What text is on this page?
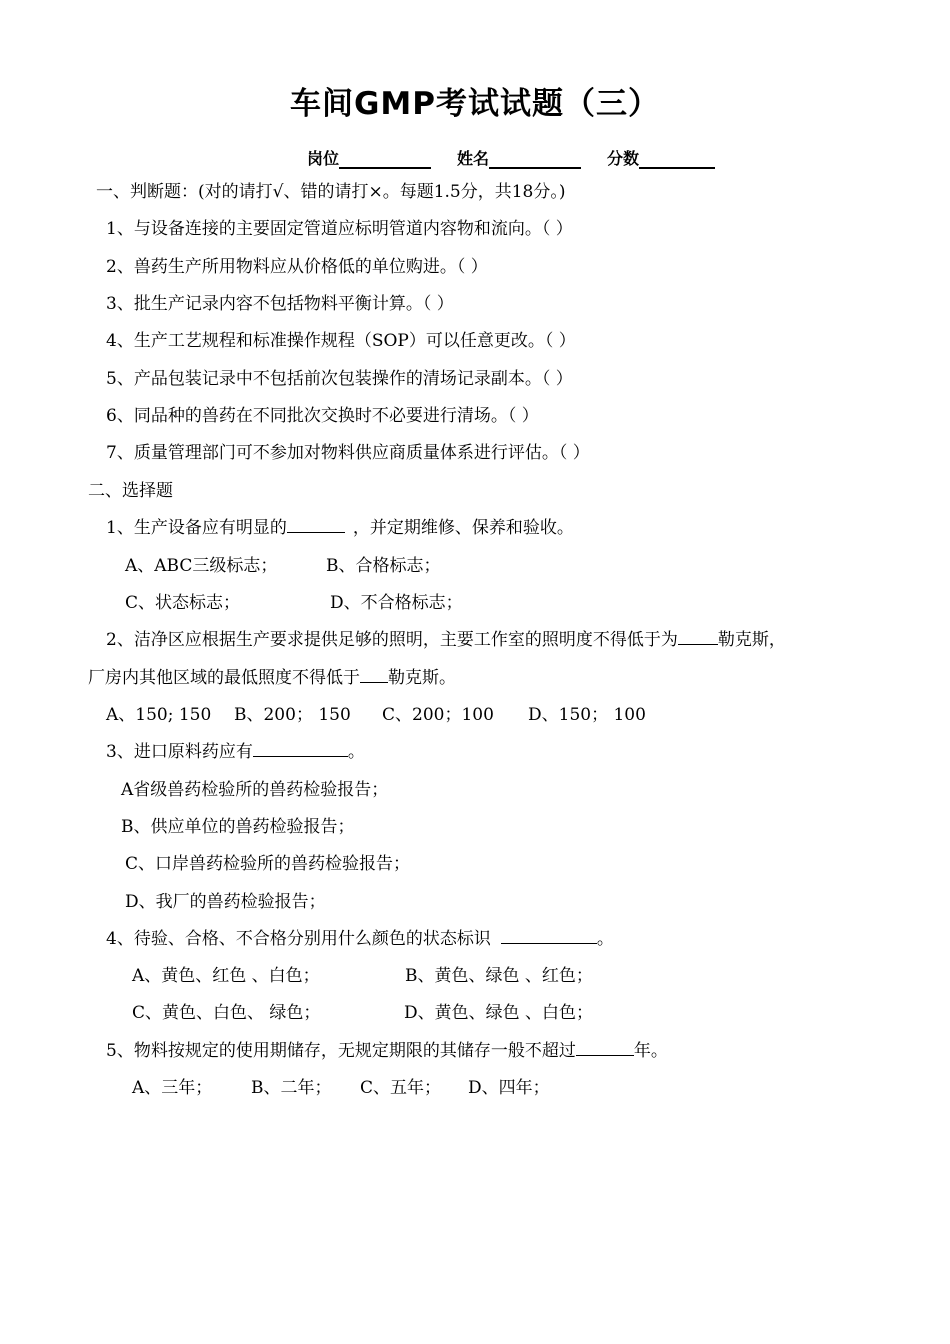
车间GMP考试试题（三）
岗位	姓名	分数
一、判断题：(对的请打√、错的请打×。每题1.5分，共18分。)
1、与设备连接的主要固定管道应标明管道内容物和流向。（ ）
2、兽药生产所用物料应从价格低的单位购进。（ ）
3、批生产记录内容不包括物料平衡计算。（ ）
4、生产工艺规程和标准操作规程（SOP）可以任意更改。（ ）
5、产品包装记录中不包括前次包装操作的清场记录副本。（ ）
6、同品种的兽药在不同批次交换时不必要进行清场。（ ）
7、质量管理部门可不参加对物料供应商质量体系进行评估。（ ）
二、选择题
1、生产设备应有明显的	，并定期维修、保养和验收。
A、ABC三级标志；	B、合格标志；
C、状态标志；	D、不合格标志；
2、洁净区应根据生产要求提供足够的照明，主要工作室的照明度不得低于为 勒克斯，
厂房内其他区域的最低照度不得低于 勒克斯。
A、150; 150 B、200； 150 C、200；100 D、150； 100
3、进口原料药应有	。
A省级兽药检验所的兽药检验报告；
B、供应单位的兽药检验报告；
C、口岸兽药检验所的兽药检验报告；
D、我厂的兽药检验报告；
4、待验、合格、不合格分别用什么颜色的状态标识	。
A、黄色、红色 、白色；	B、黄色、绿色 、红色；
C、黄色、白色、 绿色；	D、黄色、绿色 、白色；
5、物料按规定的使用期储存，无规定期限的其储存一般不超过	年。
A、三年； B、二年； C、五年； D、四年；
